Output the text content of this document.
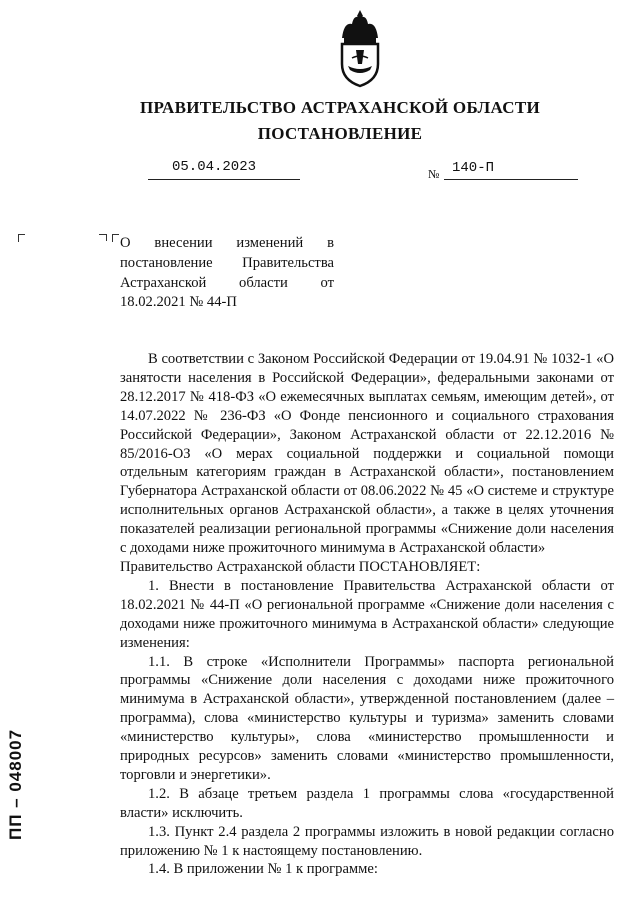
ПРАВИТЕЛЬСТВО АСТРАХАНСКОЙ ОБЛАСТИ
ПОСТАНОВЛЕНИЕ
05.04.2023	№ 140-П
О внесении изменений в постановление Правительства Астраханской области от 18.02.2021 № 44-П

В соответствии с Законом Российской Федерации от 19.04.91 № 1032-1 «О занятости населения в Российской Федерации», федеральными законами от 28.12.2017 № 418-ФЗ «О ежемесячных выплатах семьям, имеющим детей», от 14.07.2022 № 236-ФЗ «О Фонде пенсионного и социального страхования Российской Федерации», Законом Астраханской области от 22.12.2016 № 85/2016-ОЗ «О мерах социальной поддержки и социальной помощи отдельным категориям граждан в Астраханской области», постановлением Губернатора Астраханской области от 08.06.2022 № 45 «О системе и структуре исполнительных органов Астраханской области», а также в целях уточнения показателей реализации региональной программы «Снижение доли населения с доходами ниже прожиточного минимума в Астраханской области»

Правительство Астраханской области ПОСТАНОВЛЯЕТ:

1. Внести в постановление Правительства Астраханской области от 18.02.2021 № 44-П «О региональной программе «Снижение доли населения с доходами ниже прожиточного минимума в Астраханской области» следующие изменения:

1.1. В строке «Исполнители Программы» паспорта региональной программы «Снижение доли населения с доходами ниже прожиточного минимума в Астраханской области», утвержденной постановлением (далее – программа), слова «министерство культуры и туризма» заменить словами «министерство культуры», слова «министерство промышленности и природных ресурсов» заменить словами «министерство промышленности, торговли и энергетики».

1.2. В абзаце третьем раздела 1 программы слова «государственной власти» исключить.

1.3. Пункт 2.4 раздела 2 программы изложить в новой редакции согласно приложению № 1 к настоящему постановлению.

1.4. В приложении № 1 к программе:

ПП – 048007
